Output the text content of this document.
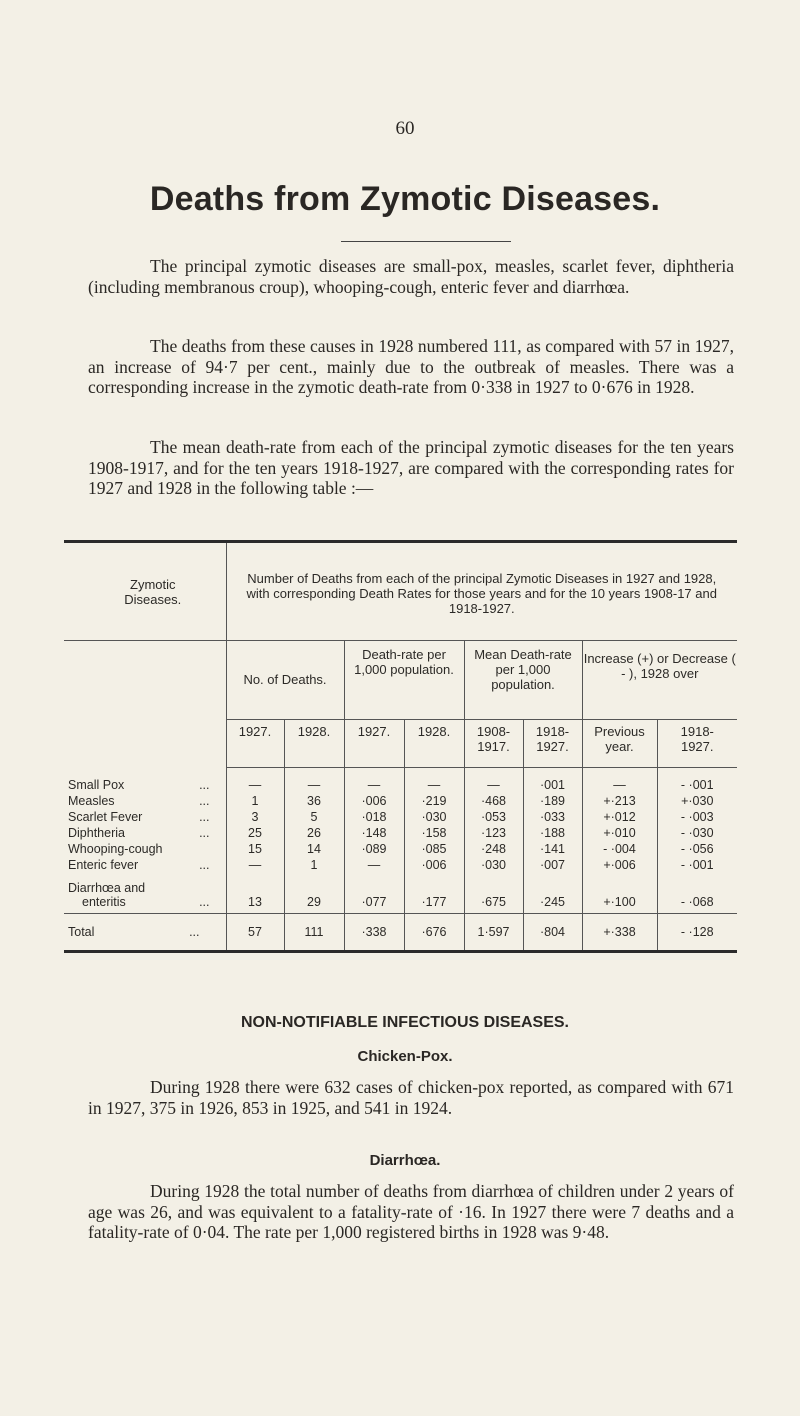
60
Deaths from Zymotic Diseases.

The principal zymotic diseases are small-pox, measles, scarlet fever, diphtheria (including membranous croup), whooping-cough, enteric fever and diarrhœa.

The deaths from these causes in 1928 numbered 111, as compared with 57 in 1927, an increase of 94·7 per cent., mainly due to the outbreak of measles. There was a corresponding increase in the zymotic death-rate from 0·338 in 1927 to 0·676 in 1928.

The mean death-rate from each of the principal zymotic diseases for the ten years 1908-1917, and for the ten years 1918-1927, are compared with the corresponding rates for 1927 and 1928 in the following table :—

Zymotic Diseases.	Number of Deaths from each of the principal Zymotic Diseases in 1927 and 1928, with corresponding Death Rates for those years and for the 10 years 1908-17 and 1918-1927.							
	No. of Deaths.		Death-rate per 1,000 population.		Mean Death-rate per 1,000 population.		Increase (+) or Decrease ( - ), 1928 over	
	1927.	1928.	1927.	1928.	1908-1917.	1918-1927.	Previous year.	1918-1927.

Small Pox ...	—	—	—	—	—	·001	—	- ·001
Measles ...	1	36	·006	·219	·468	·189	+·213	+·030
Scarlet Fever ...	3	5	·018	·030	·053	·033	+·012	- ·003
Diphtheria ...	25	26	·148	·158	·123	·188	+·010	- ·030
Whooping-cough	15	14	·089	·085	·248	·141	- ·004	- ·056
Enteric fever ...	—	1	—	·006	·030	·007	+·006	- ·001

Diarrhœa and
enteritis ...	13	29	·077	·177	·675	·245	+·100	- ·068
Total ...	57	111	·338	·676	1·597	·804	+·338	- ·128
NON-NOTIFIABLE INFECTIOUS DISEASES.
Chicken-Pox.

During 1928 there were 632 cases of chicken-pox reported, as compared with 671 in 1927, 375 in 1926, 853 in 1925, and 541 in 1924.

Diarrhœa.

During 1928 the total number of deaths from diarrhœa of children under 2 years of age was 26, and was equivalent to a fatality-rate of ·16. In 1927 there were 7 deaths and a fatality-rate of 0·04. The rate per 1,000 registered births in 1928 was 9·48.
